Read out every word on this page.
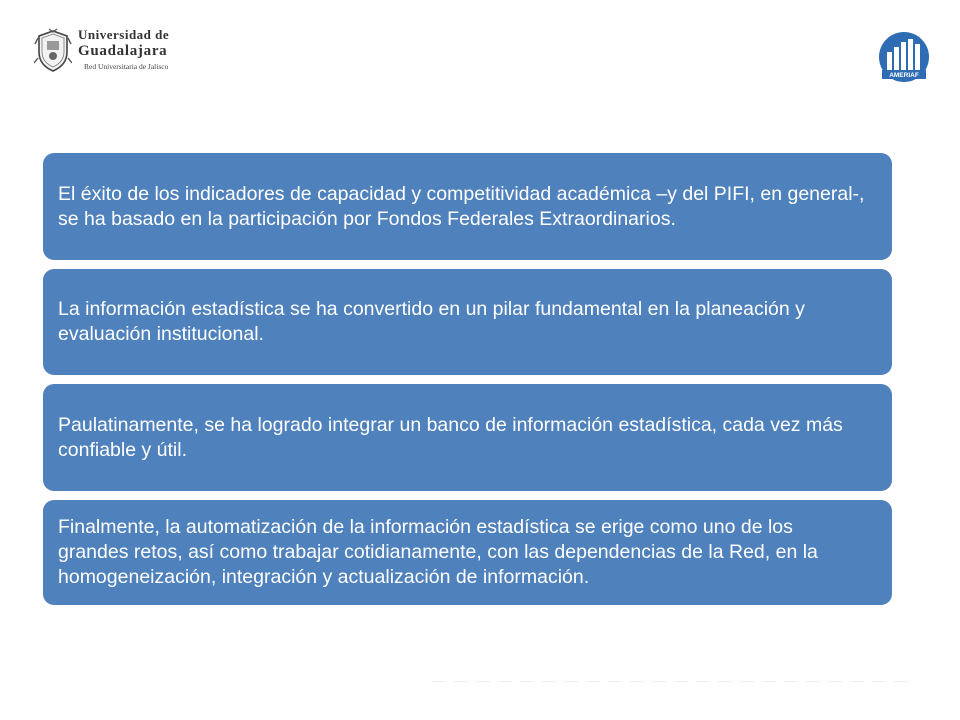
Universidad de
Guadalajara
Red Universitaria de Jalisco
AMERIAF

El éxito de los indicadores de capacidad y competitividad académica –y del PIFI, en general-, se ha basado en la participación por Fondos Federales Extraordinarios.

La información estadística se ha convertido en un pilar fundamental en la planeación y evaluación institucional.

Paulatinamente, se ha logrado integrar un banco de información estadística, cada vez más confiable y útil.

Finalmente, la automatización de la información estadística se erige como uno de los grandes retos, así como trabajar cotidianamente, con las dependencias de la Red, en la homogeneización, integración y actualización de información.
